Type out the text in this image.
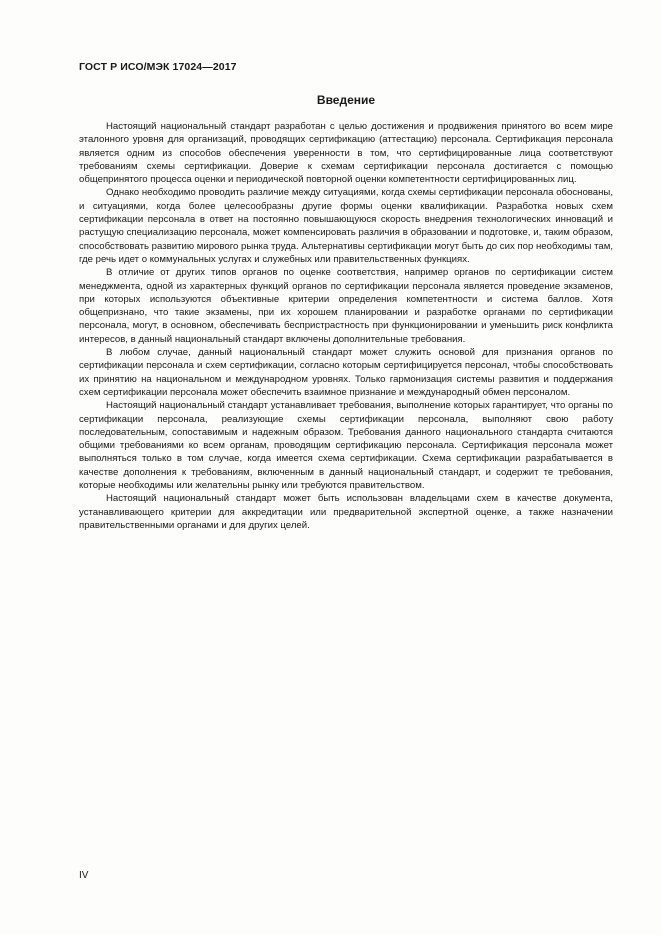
ГОСТ Р ИСО/МЭК 17024—2017
Введение

Настоящий национальный стандарт разработан с целью достижения и продвижения принятого во всем мире эталонного уровня для организаций, проводящих сертификацию (аттестацию) персонала. Сертификация персонала является одним из способов обеспечения уверенности в том, что сертифицированные лица соответствуют требованиям схемы сертификации. Доверие к схемам сертификации персонала достигается с помощью общепринятого процесса оценки и периодической повторной оценки компетентности сертифицированных лиц.

Однако необходимо проводить различие между ситуациями, когда схемы сертификации персонала обоснованы, и ситуациями, когда более целесообразны другие формы оценки квалификации. Разработка новых схем сертификации персонала в ответ на постоянно повышающуюся скорость внедрения технологических инноваций и растущую специализацию персонала, может компенсировать различия в образовании и подготовке, и, таким образом, способствовать развитию мирового рынка труда. Альтернативы сертификации могут быть до сих пор необходимы там, где речь идет о коммунальных услугах и служебных или правительственных функциях.

В отличие от других типов органов по оценке соответствия, например органов по сертификации систем менеджмента, одной из характерных функций органов по сертификации персонала является проведение экзаменов, при которых используются объективные критерии определения компетентности и система баллов. Хотя общепризнано, что такие экзамены, при их хорошем планировании и разработке органами по сертификации персонала, могут, в основном, обеспечивать беспристрастность при функционировании и уменьшить риск конфликта интересов, в данный национальный стандарт включены дополнительные требования.

В любом случае, данный национальный стандарт может служить основой для признания органов по сертификации персонала и схем сертификации, согласно которым сертифицируется персонал, чтобы способствовать их принятию на национальном и международном уровнях. Только гармонизация системы развития и поддержания схем сертификации персонала может обеспечить взаимное признание и международный обмен персоналом.

Настоящий национальный стандарт устанавливает требования, выполнение которых гарантирует, что органы по сертификации персонала, реализующие схемы сертификации персонала, выполняют свою работу последовательным, сопоставимым и надежным образом. Требования данного национального стандарта считаются общими требованиями ко всем органам, проводящим сертификацию персонала. Сертификация персонала может выполняться только в том случае, когда имеется схема сертификации. Схема сертификации разрабатывается в качестве дополнения к требованиям, включенным в данный национальный стандарт, и содержит те требования, которые необходимы или желательны рынку или требуются правительством.

Настоящий национальный стандарт может быть использован владельцами схем в качестве документа, устанавливающего критерии для аккредитации или предварительной экспертной оценке, а также назначении правительственными органами и для других целей.

IV
